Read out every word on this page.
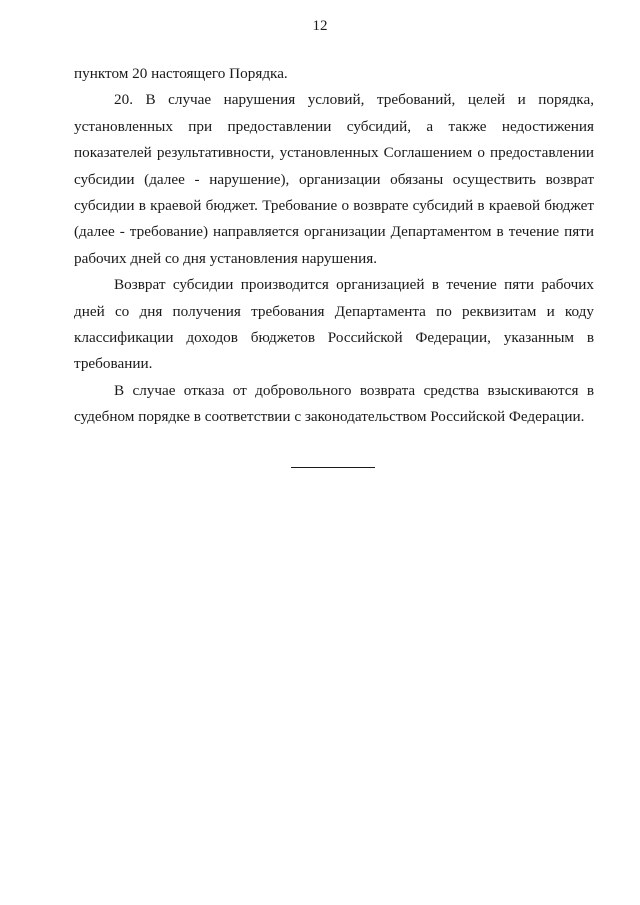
12

пунктом 20 настоящего Порядка.

20. В случае нарушения условий, требований, целей и порядка, установленных при предоставлении субсидий, а также недостижения показателей результативности, установленных Соглашением о предоставлении субсидии (далее - нарушение), организации обязаны осуществить возврат субсидии в краевой бюджет. Требование о возврате субсидий в краевой бюджет (далее - требование) направляется организации Департаментом в течение пяти рабочих дней со дня установления нарушения.

Возврат субсидии производится организацией в течение пяти рабочих дней со дня получения требования Департамента по реквизитам и коду классификации доходов бюджетов Российской Федерации, указанным в требовании.

В случае отказа от добровольного возврата средства взыскиваются в судебном порядке в соответствии с законодательством Российской Федерации.
